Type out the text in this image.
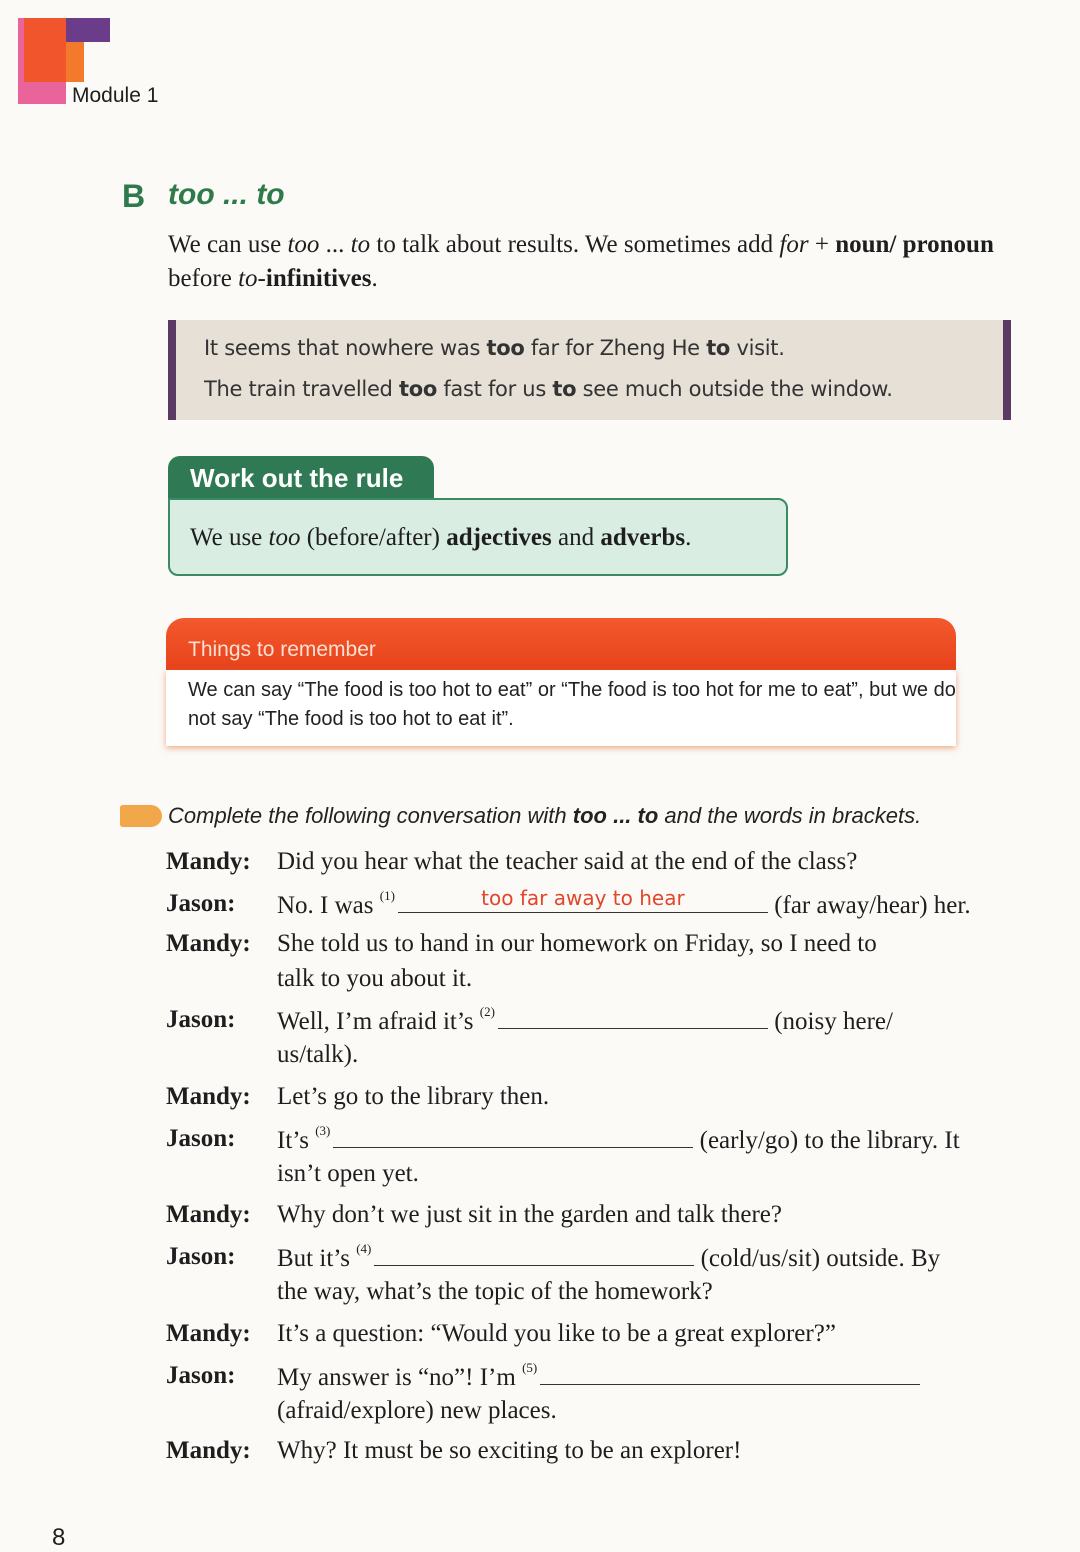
Module 1
B too ... to
We can use too ... to to talk about results. We sometimes add for + noun/ pronoun before to-infinitives.
It seems that nowhere was too far for Zheng He to visit.
The train travelled too fast for us to see much outside the window.
Work out the rule
We use too (before/after) adjectives and adverbs.
Things to remember
We can say “The food is too hot to eat” or “The food is too hot for me to eat”, but we do not say “The food is too hot to eat it”.
Complete the following conversation with too ... to and the words in brackets.
Mandy: Did you hear what the teacher said at the end of the class?
Jason: No. I was $^{(1)}$	too far away to hear	(far away/hear) her.
Mandy: She told us to hand in our homework on Friday, so I need to
talk to you about it.
Jason: Well, I’m afraid it’s $^{(2)}$	(noisy here/
us/talk).
Mandy: Let’s go to the library then.
Jason: It’s $^{(3)}$	(early/go) to the library. It
isn’t open yet.
Mandy: Why don’t we just sit in the garden and talk there?
Jason: But it’s $^{(4)}$	(cold/us/sit) outside. By
the way, what’s the topic of the homework?
Mandy: It’s a question: “Would you like to be a great explorer?”
Jason: My answer is “no”! I’m $^{(5)}$
(afraid/explore) new places.
Mandy: Why? It must be so exciting to be an explorer!
8
